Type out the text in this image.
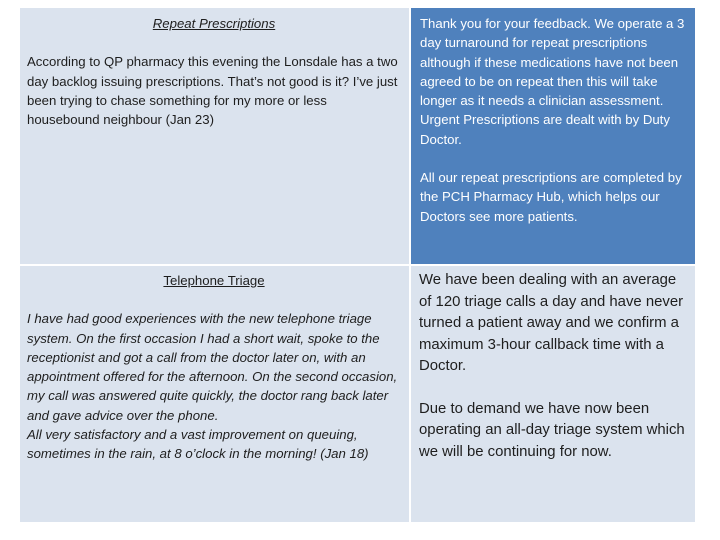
Repeat Prescriptions

According to QP pharmacy this evening the Lonsdale has a two day backlog issuing prescriptions. That’s not good is it? I’ve just been trying to chase something for my more or less housebound neighbour (Jan 23)

Thank you for your feedback. We operate a 3 day turnaround for repeat prescriptions although if these medications have not been agreed to be on repeat then this will take longer as it needs a clinician assessment. Urgent Prescriptions are dealt with by Duty Doctor.

All our repeat prescriptions are completed by the PCH Pharmacy Hub, which helps our Doctors see more patients.

Telephone Triage

I have had good experiences with the new telephone triage system. On the first occasion I had a short wait, spoke to the receptionist and got a call from the doctor later on, with an appointment offered for the afternoon. On the second occasion, my call was answered quite quickly, the doctor rang back later and gave advice over the phone.

All very satisfactory and a vast improvement on queuing, sometimes in the rain, at 8 o’clock in the morning! (Jan 18)

We have been dealing with an average of 120 triage calls a day and have never turned a patient away and we confirm a maximum 3-hour callback time with a Doctor.

Due to demand we have now been operating an all-day triage system which we will be continuing for now.
